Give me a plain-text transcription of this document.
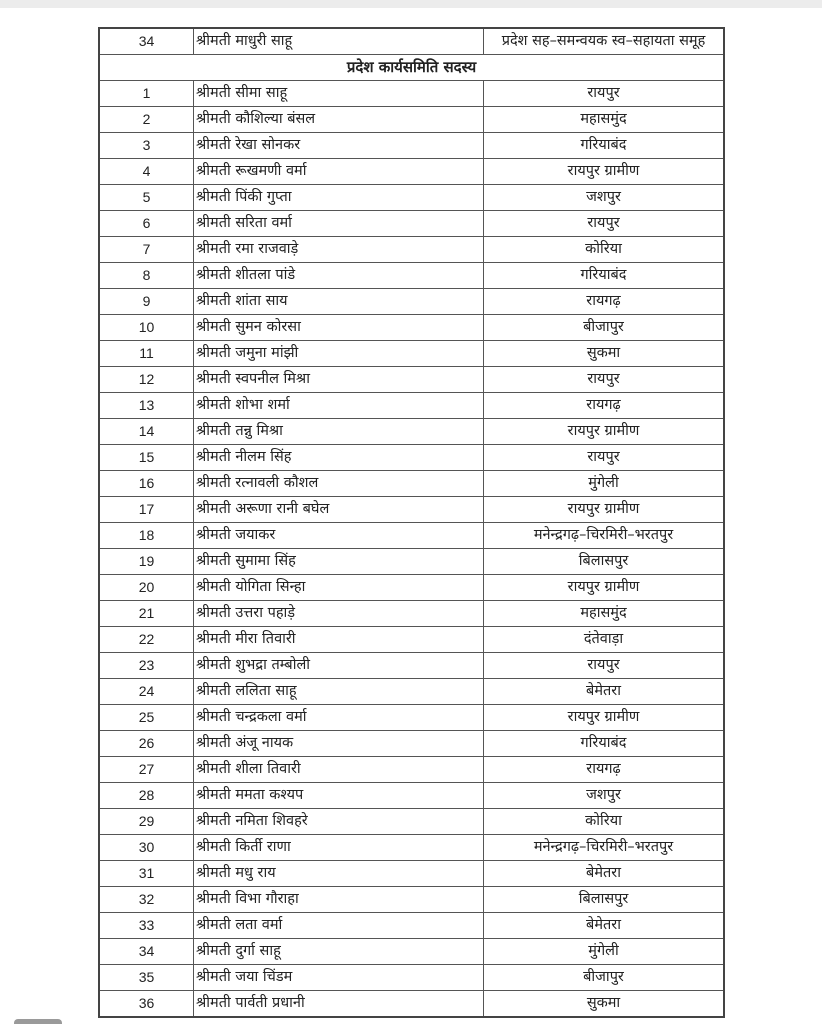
34	श्रीमती माधुरी साहू	प्रदेश सह–समन्वयक स्व–सहायता समूह
प्रदेश कार्यसमिति सदस्य		
1	श्रीमती सीमा साहू	रायपुर
2	श्रीमती कौशिल्या बंसल	महासमुंद
3	श्रीमती रेखा सोनकर	गरियाबंद
4	श्रीमती रूखमणी वर्मा	रायपुर ग्रामीण
5	श्रीमती पिंकी गुप्ता	जशपुर
6	श्रीमती सरिता वर्मा	रायपुर
7	श्रीमती रमा राजवाड़े	कोरिया
8	श्रीमती शीतला पांडे	गरियाबंद
9	श्रीमती शांता साय	रायगढ़
10	श्रीमती सुमन कोरसा	बीजापुर
11	श्रीमती जमुना मांझी	सुकमा
12	श्रीमती स्वपनील मिश्रा	रायपुर
13	श्रीमती शोभा शर्मा	रायगढ़
14	श्रीमती तन्नु मिश्रा	रायपुर ग्रामीण
15	श्रीमती नीलम सिंह	रायपुर
16	श्रीमती रत्नावली कौशल	मुंगेली
17	श्रीमती अरूणा रानी बघेल	रायपुर ग्रामीण
18	श्रीमती जयाकर	मनेन्द्रगढ़–चिरमिरी–भरतपुर
19	श्रीमती सुमामा सिंह	बिलासपुर
20	श्रीमती योगिता सिन्हा	रायपुर ग्रामीण
21	श्रीमती उत्तरा पहाड़े	महासमुंद
22	श्रीमती मीरा तिवारी	दंतेवाड़ा
23	श्रीमती शुभद्रा तम्बोली	रायपुर
24	श्रीमती ललिता साहू	बेमेतरा
25	श्रीमती चन्द्रकला वर्मा	रायपुर ग्रामीण
26	श्रीमती अंजू नायक	गरियाबंद
27	श्रीमती शीला तिवारी	रायगढ़
28	श्रीमती ममता कश्यप	जशपुर
29	श्रीमती नमिता शिवहरे	कोरिया
30	श्रीमती किर्ती राणा	मनेन्द्रगढ़–चिरमिरी–भरतपुर
31	श्रीमती मधु राय	बेमेतरा
32	श्रीमती विभा गौराहा	बिलासपुर
33	श्रीमती लता वर्मा	बेमेतरा
34	श्रीमती दुर्गा साहू	मुंगेली
35	श्रीमती जया चिंडम	बीजापुर
36	श्रीमती पार्वती प्रधानी	सुकमा
